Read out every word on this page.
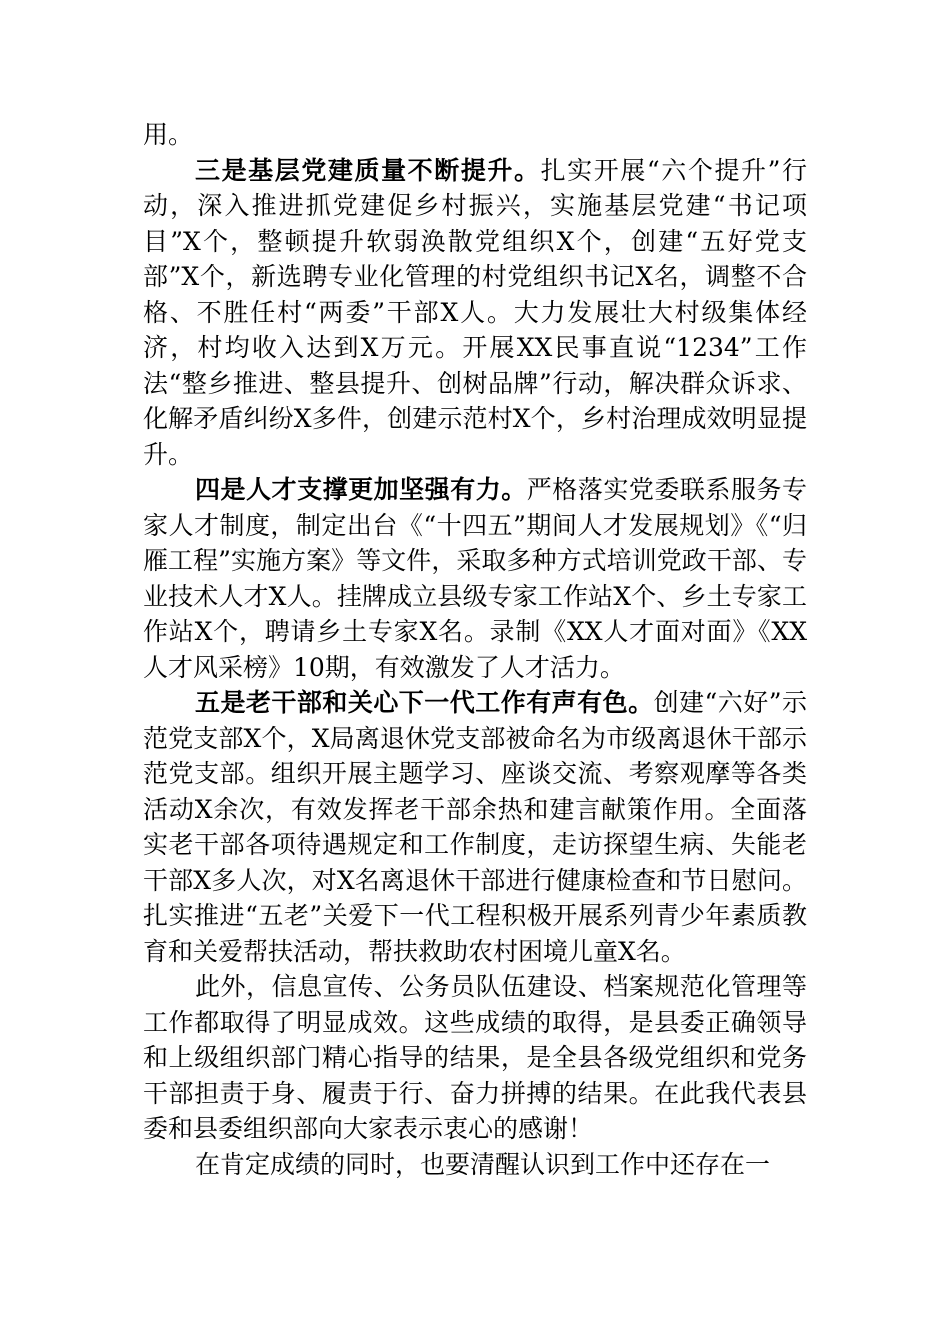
用。

三是基层党建质量不断提升。扎实开展“六个提升”行动，深入推进抓党建促乡村振兴，实施基层党建“书记项目”X个，整顿提升软弱涣散党组织X个，创建“五好党支部”X个，新选聘专业化管理的村党组织书记X名，调整不合格、不胜任村“两委”干部X人。大力发展壮大村级集体经济，村均收入达到X万元。开展XX民事直说“1234”工作法“整乡推进、整县提升、创树品牌”行动，解决群众诉求、化解矛盾纠纷X多件，创建示范村X个，乡村治理成效明显提升。

四是人才支撑更加坚强有力。严格落实党委联系服务专家人才制度，制定出台《“十四五”期间人才发展规划》《“归雁工程”实施方案》等文件，采取多种方式培训党政干部、专业技术人才X人。挂牌成立县级专家工作站X个、乡土专家工作站X个，聘请乡土专家X名。录制《XX人才面对面》《XX人才风采榜》10期，有效激发了人才活力。

五是老干部和关心下一代工作有声有色。创建“六好”示范党支部X个，X局离退休党支部被命名为市级离退休干部示范党支部。组织开展主题学习、座谈交流、考察观摩等各类活动X余次，有效发挥老干部余热和建言献策作用。全面落实老干部各项待遇规定和工作制度，走访探望生病、失能老干部X多人次，对X名离退休干部进行健康检查和节日慰问。扎实推进“五老”关爱下一代工程积极开展系列青少年素质教育和关爱帮扶活动，帮扶救助农村困境儿童X名。

此外，信息宣传、公务员队伍建设、档案规范化管理等工作都取得了明显成效。这些成绩的取得，是县委正确领导和上级组织部门精心指导的结果，是全县各级党组织和党务干部担责于身、履责于行、奋力拼搏的结果。在此我代表县委和县委组织部向大家表示衷心的感谢！

在肯定成绩的同时，也要清醒认识到工作中还存在一
